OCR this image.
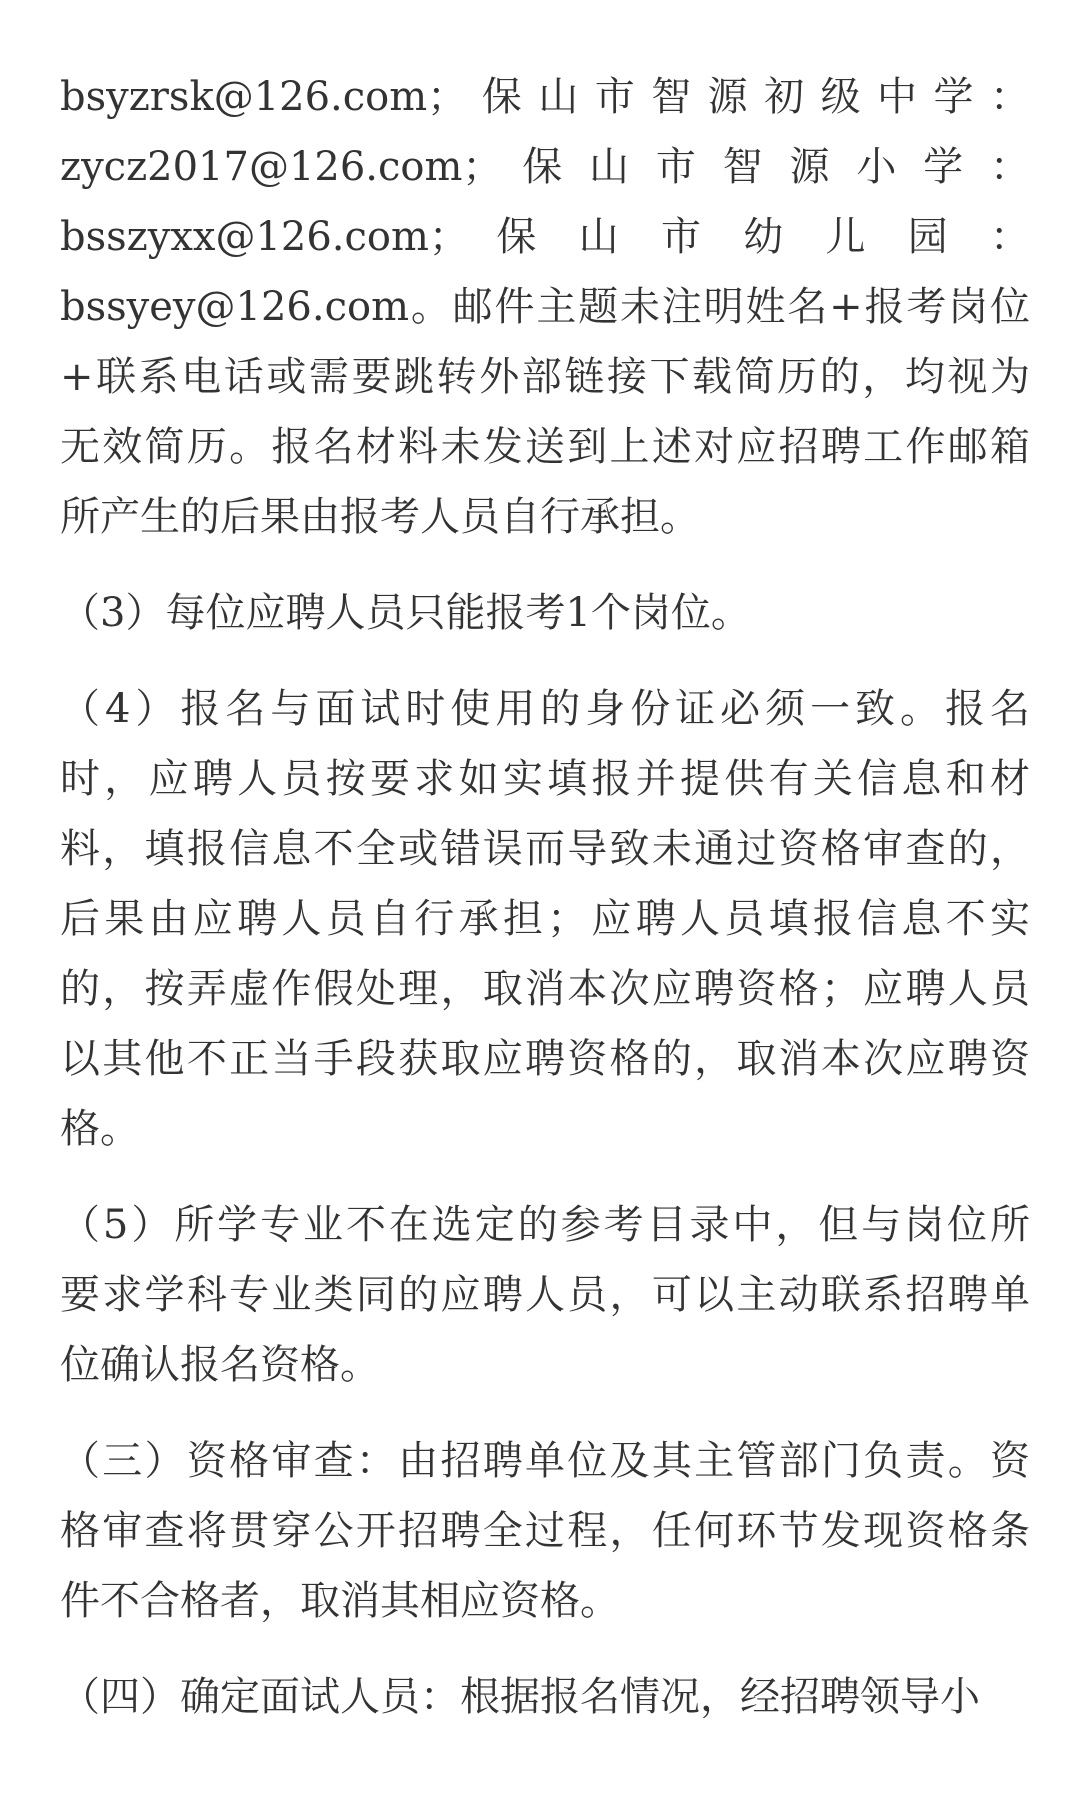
bsyzrsk@126.com； 保 山 市 智 源 初 级 中 学 ：
zycz2017@126.com； 保 山 市 智 源 小 学 ：
bsszyxx@126.com； 保 山 市 幼 儿 园 ：
bssyey@126.com。邮件主题未注明姓名+报考岗位
+联系电话或需要跳转外部链接下载简历的，均视为
无效简历。报名材料未发送到上述对应招聘工作邮箱
所产生的后果由报考人员自行承担。
（3）每位应聘人员只能报考1个岗位。
（4）报名与面试时使用的身份证必须一致。报名
时，应聘人员按要求如实填报并提供有关信息和材
料，填报信息不全或错误而导致未通过资格审查的，
后果由应聘人员自行承担；应聘人员填报信息不实
的，按弄虚作假处理，取消本次应聘资格；应聘人员
以其他不正当手段获取应聘资格的，取消本次应聘资
格。
（5）所学专业不在选定的参考目录中，但与岗位所
要求学科专业类同的应聘人员，可以主动联系招聘单
位确认报名资格。
（三）资格审查：由招聘单位及其主管部门负责。资
格审查将贯穿公开招聘全过程，任何环节发现资格条
件不合格者，取消其相应资格。
（四）确定面试人员：根据报名情况，经招聘领导小
